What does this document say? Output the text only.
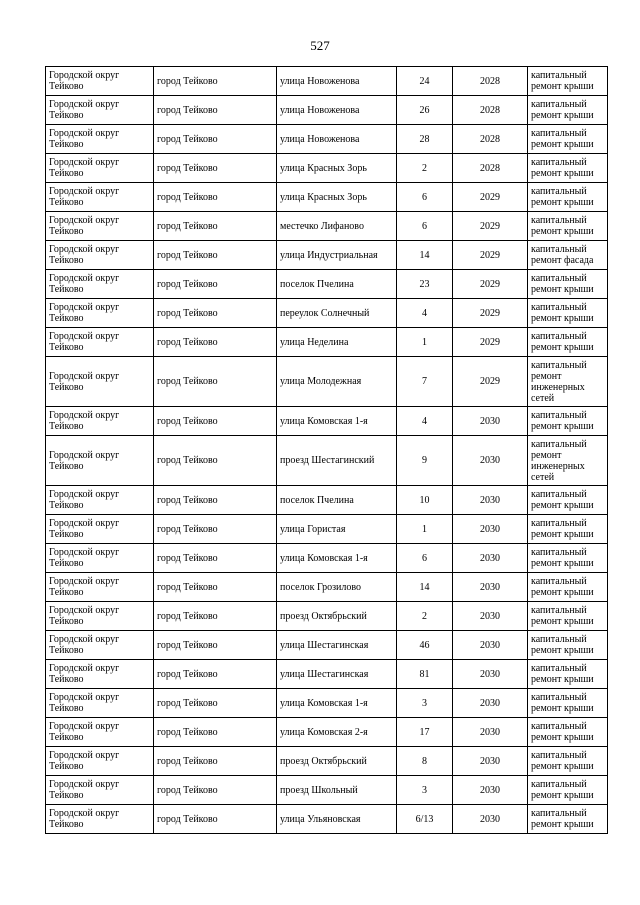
527
Городской округ Тейково	город Тейково	улица Новоженова	24	2028	капитальный ремонт крыши
Городской округ Тейково	город Тейково	улица Новоженова	26	2028	капитальный ремонт крыши
Городской округ Тейково	город Тейково	улица Новоженова	28	2028	капитальный ремонт крыши
Городской округ Тейково	город Тейково	улица Красных Зорь	2	2028	капитальный ремонт крыши
Городской округ Тейково	город Тейково	улица Красных Зорь	6	2029	капитальный ремонт крыши
Городской округ Тейково	город Тейково	местечко Лифаново	6	2029	капитальный ремонт крыши
Городской округ Тейково	город Тейково	улица Индустриальная	14	2029	капитальный ремонт фасада
Городской округ Тейково	город Тейково	поселок Пчелина	23	2029	капитальный ремонт крыши
Городской округ Тейково	город Тейково	переулок Солнечный	4	2029	капитальный ремонт крыши
Городской округ Тейково	город Тейково	улица Неделина	1	2029	капитальный ремонт крыши
Городской округ Тейково	город Тейково	улица Молодежная	7	2029	капитальный ремонт инженерных сетей
Городской округ Тейково	город Тейково	улица Комовская 1-я	4	2030	капитальный ремонт крыши
Городской округ Тейково	город Тейково	проезд Шестагинский	9	2030	капитальный ремонт инженерных сетей
Городской округ Тейково	город Тейково	поселок Пчелина	10	2030	капитальный ремонт крыши
Городской округ Тейково	город Тейково	улица Гористая	1	2030	капитальный ремонт крыши
Городской округ Тейково	город Тейково	улица Комовская 1-я	6	2030	капитальный ремонт крыши
Городской округ Тейково	город Тейково	поселок Грозилово	14	2030	капитальный ремонт крыши
Городской округ Тейково	город Тейково	проезд Октябрьский	2	2030	капитальный ремонт крыши
Городской округ Тейково	город Тейково	улица Шестагинская	46	2030	капитальный ремонт крыши
Городской округ Тейково	город Тейково	улица Шестагинская	81	2030	капитальный ремонт крыши
Городской округ Тейково	город Тейково	улица Комовская 1-я	3	2030	капитальный ремонт крыши
Городской округ Тейково	город Тейково	улица Комовская 2-я	17	2030	капитальный ремонт крыши
Городской округ Тейково	город Тейково	проезд Октябрьский	8	2030	капитальный ремонт крыши
Городской округ Тейково	город Тейково	проезд Школьный	3	2030	капитальный ремонт крыши
Городской округ Тейково	город Тейково	улица Ульяновская	6/13	2030	капитальный ремонт крыши
